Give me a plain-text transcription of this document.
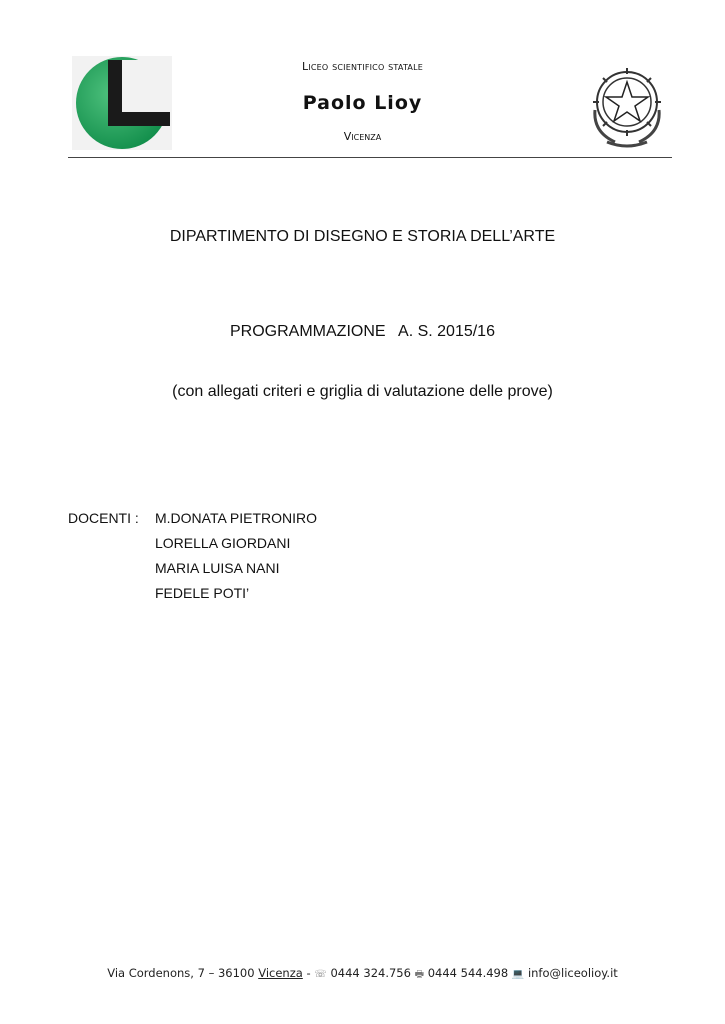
Liceo scientifico statale
Paolo Lioy
Vicenza
DIPARTIMENTO DI DISEGNO E STORIA DELL’ARTE
PROGRAMMAZIONE   A. S. 2015/16
(con allegati criteri e griglia di valutazione delle prove)
DOCENTI : M.DONATA PIETRONIRO
LORELLA GIORDANI
MARIA LUISA NANI
FEDELE POTI’
Via Cordenons, 7 – 36100 Vicenza - ☏ 0444 324.756 🖶 0444 544.498 💻 info@liceolioy.it
